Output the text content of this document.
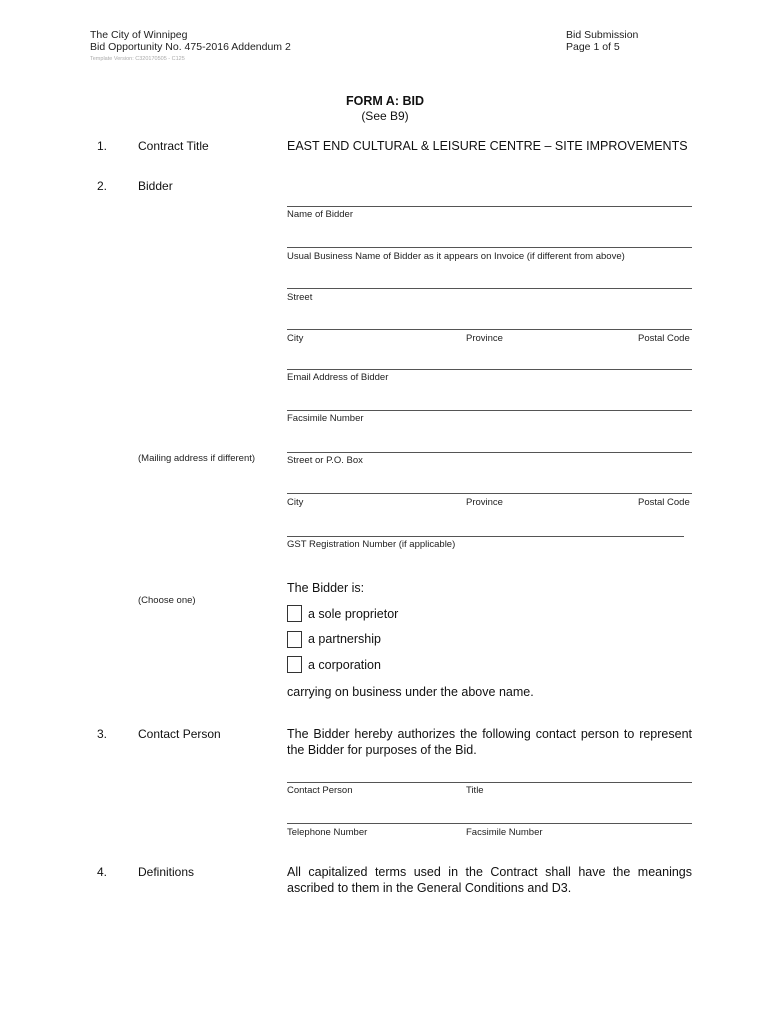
The City of Winnipeg
Bid Opportunity No. 475-2016 Addendum 2
Template Version: C320170505 - C125
Bid Submission
Page 1 of 5
FORM A: BID
(See B9)
1.	Contract Title	EAST END CULTURAL & LEISURE CENTRE – SITE IMPROVEMENTS
2.	Bidder
Name of Bidder
Usual Business Name of Bidder as it appears on Invoice (if different from above)
Street
City	Province	Postal Code
Email Address of Bidder
Facsimile Number
(Mailing address if different)	Street or P.O. Box
City	Province	Postal Code
GST Registration Number (if applicable)
The Bidder is:
(Choose one)
a sole proprietor
a partnership
a corporation
carrying on business under the above name.
3.	Contact Person	The Bidder hereby authorizes the following contact person to represent the Bidder for purposes of the Bid.
Contact Person	Title
Telephone Number	Facsimile Number
4.	Definitions	All capitalized terms used in the Contract shall have the meanings ascribed to them in the General Conditions and D3.
